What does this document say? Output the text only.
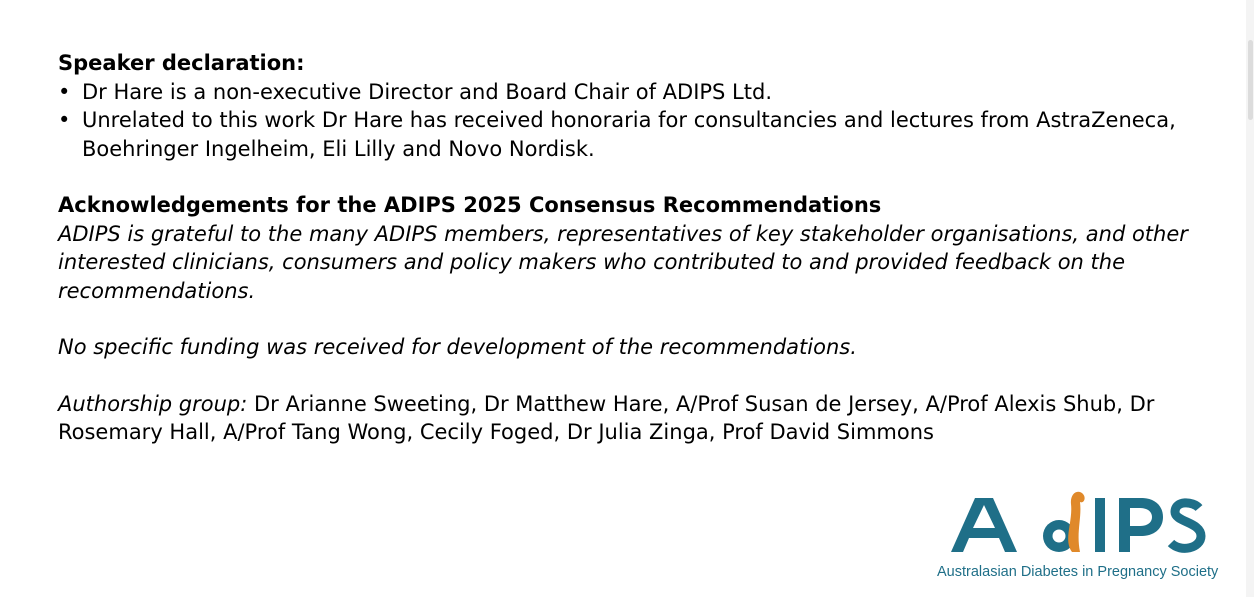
Speaker declaration:

• Dr Hare is a non-executive Director and Board Chair of ADIPS Ltd.
• Unrelated to this work Dr Hare has received honoraria for consultancies and lectures from AstraZeneca, Boehringer Ingelheim, Eli Lilly and Novo Nordisk.

Acknowledgements for the ADIPS 2025 Consensus Recommendations

ADIPS is grateful to the many ADIPS members, representatives of key stakeholder organisations, and other interested clinicians, consumers and policy makers who contributed to and provided feedback on the recommendations.

No specific funding was received for development of the recommendations.

Authorship group: Dr Arianne Sweeting, Dr Matthew Hare, A/Prof Susan de Jersey, A/Prof Alexis Shub, Dr Rosemary Hall, A/Prof Tang Wong, Cecily Foged, Dr Julia Zinga, Prof David Simmons

Australasian Diabetes in Pregnancy Society
